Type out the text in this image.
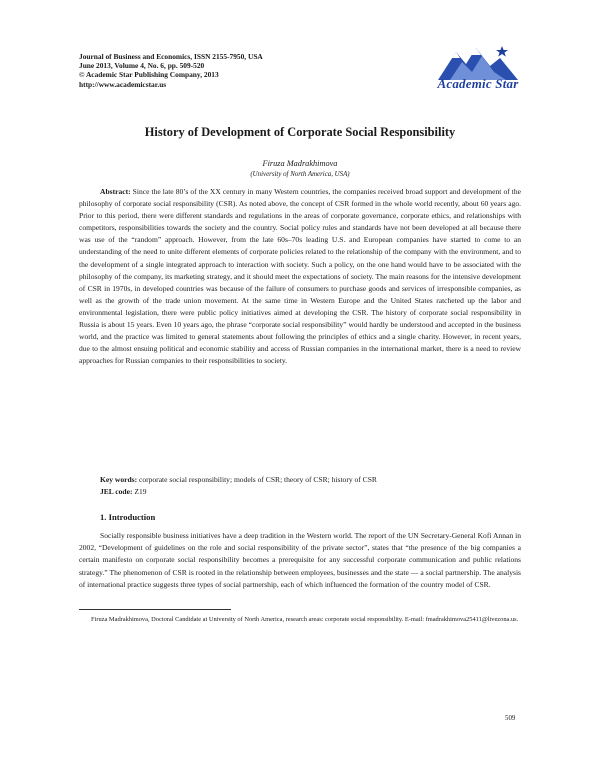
Journal of Business and Economics, ISSN 2155-7950, USA
June 2013, Volume 4, No. 6, pp. 509-520
© Academic Star Publishing Company, 2013
http://www.academicstar.us	Academic Star
History of Development of Corporate Social Responsibility
Firuza Madrakhimova
(University of North America, USA)
Abstract: Since the late 80’s of the XX century in many Western countries, the companies received broad support and development of the philosophy of corporate social responsibility (CSR). As noted above, the concept of CSR formed in the whole world recently, about 60 years ago. Prior to this period, there were different standards and regulations in the areas of corporate governance, corporate ethics, and relationships with competitors, responsibilities towards the society and the country. Social policy rules and standards have not been developed at all because there was use of the “random” approach. However, from the late 60s–70s leading U.S. and European companies have started to come to an understanding of the need to unite different elements of corporate policies related to the relationship of the company with the environment, and to the development of a single integrated approach to interaction with society. Such a policy, on the one hand would have to be associated with the philosophy of the company, its marketing strategy, and it should meet the expectations of society. The main reasons for the intensive development of CSR in 1970s, in developed countries was because of the failure of consumers to purchase goods and services of irresponsible companies, as well as the growth of the trade union movement. At the same time in Western Europe and the United States ratcheted up the labor and environmental legislation, there were public policy initiatives aimed at developing the CSR. The history of corporate social responsibility in Russia is about 15 years. Even 10 years ago, the phrase “corporate social responsibility” would hardly be understood and accepted in the business world, and the practice was limited to general statements about following the principles of ethics and a single charity. However, in recent years, due to the almost ensuing political and economic stability and access of Russian companies in the international market, there is a need to review approaches for Russian companies to their responsibilities to society.
Key words: corporate social responsibility; models of CSR; theory of CSR; history of CSR
JEL code: Z19
1. Introduction
Socially responsible business initiatives have a deep tradition in the Western world. The report of the UN Secretary-General Kofi Annan in 2002, “Development of guidelines on the role and social responsibility of the private sector”, states that “the presence of the big companies a certain manifesto on corporate social responsibility becomes a prerequisite for any successful corporate communication and public relations strategy.” The phenomenon of CSR is rooted in the relationship between employees, businesses and the state — a social partnership. The analysis of international practice suggests three types of social partnership, each of which influenced the formation of the country model of CSR.
Firuza Madrakhimova, Doctoral Candidate at University of North America, research areas: corporate social responsibility. E-mail: fmadrakhimova25411@livezona.us.
509
